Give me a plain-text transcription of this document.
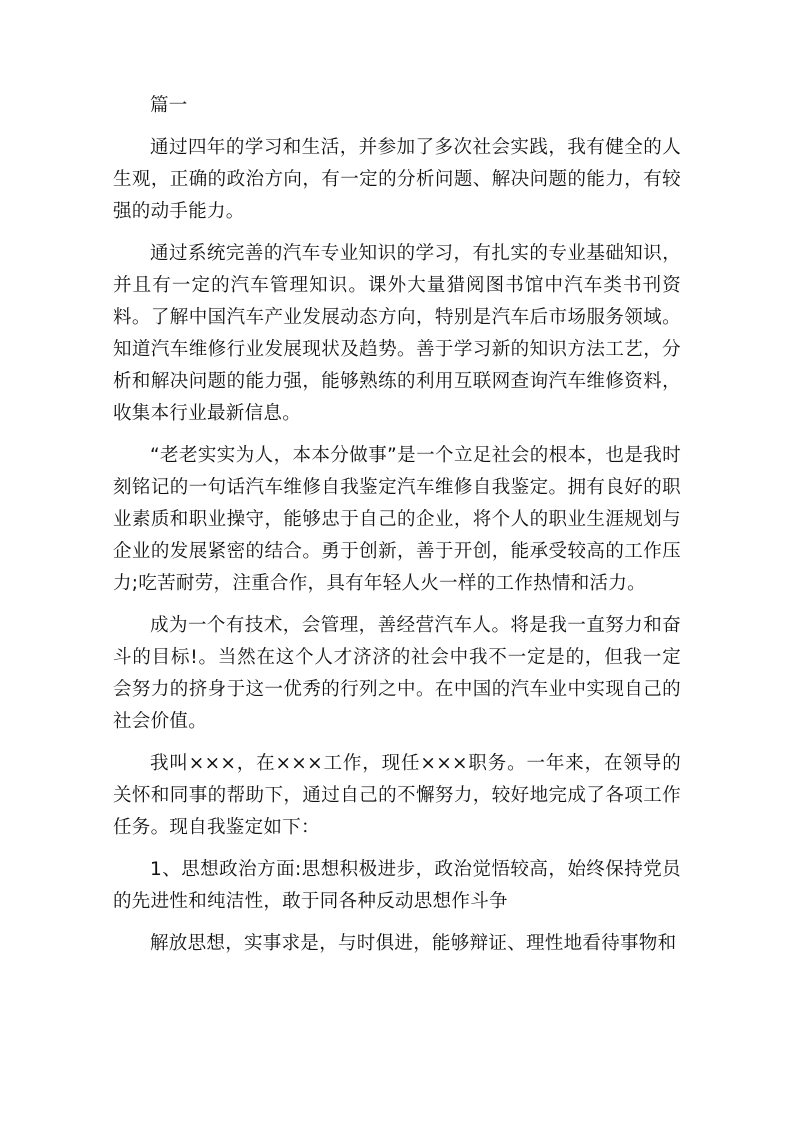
篇一

通过四年的学习和生活，并参加了多次社会实践，我有健全的人生观，正确的政治方向，有一定的分析问题、解决问题的能力，有较强的动手能力。

通过系统完善的汽车专业知识的学习，有扎实的专业基础知识，并且有一定的汽车管理知识。课外大量猎阅图书馆中汽车类书刊资料。了解中国汽车产业发展动态方向，特别是汽车后市场服务领域。知道汽车维修行业发展现状及趋势。善于学习新的知识方法工艺，分析和解决问题的能力强，能够熟练的利用互联网查询汽车维修资料，收集本行业最新信息。

“老老实实为人，本本分做事”是一个立足社会的根本，也是我时刻铭记的一句话汽车维修自我鉴定汽车维修自我鉴定。拥有良好的职业素质和职业操守，能够忠于自己的企业，将个人的职业生涯规划与企业的发展紧密的结合。勇于创新，善于开创，能承受较高的工作压力;吃苦耐劳，注重合作，具有年轻人火一样的工作热情和活力。

成为一个有技术，会管理，善经营汽车人。将是我一直努力和奋斗的目标!。当然在这个人才济济的社会中我不一定是的，但我一定会努力的挤身于这一优秀的行列之中。在中国的汽车业中实现自己的社会价值。

我叫×××，在×××工作，现任×××职务。一年来，在领导的关怀和同事的帮助下，通过自己的不懈努力，较好地完成了各项工作任务。现自我鉴定如下：

1、思想政治方面:思想积极进步，政治觉悟较高，始终保持党员的先进性和纯洁性，敢于同各种反动思想作斗争

解放思想，实事求是，与时俱进，能够辩证、理性地看待事物和
